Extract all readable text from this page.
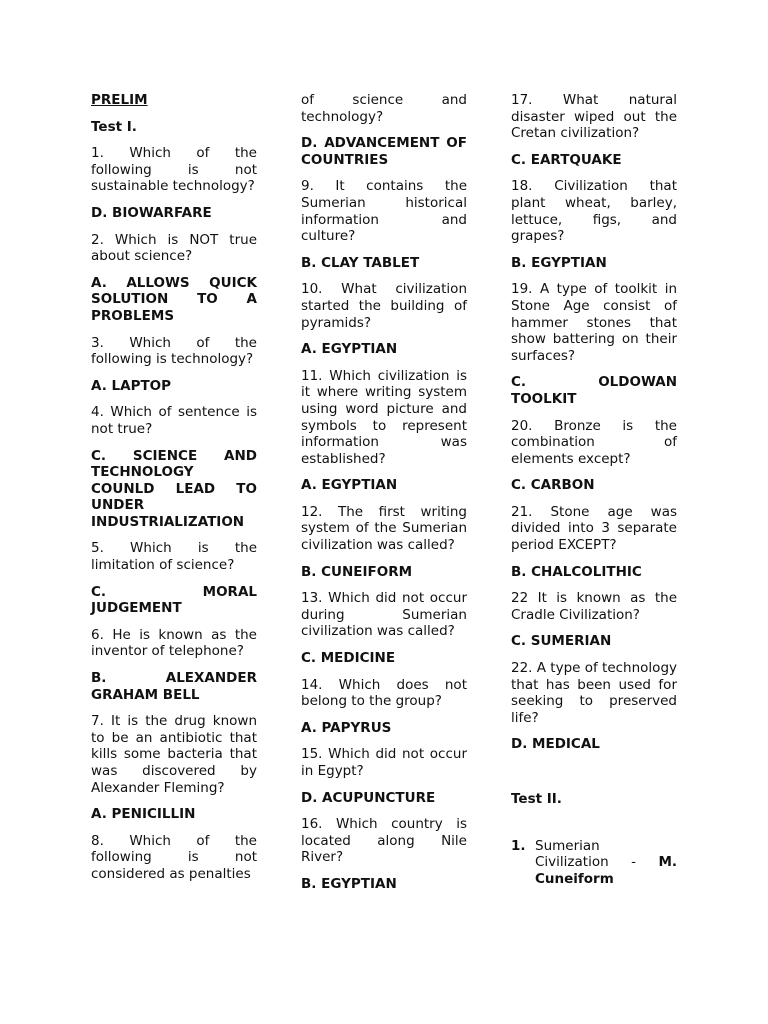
PRELIM

Test I.

1. Which of the following is not sustainable technology?

D. BIOWARFARE

2. Which is NOT true about science?

A. ALLOWS QUICK SOLUTION TO A PROBLEMS

3. Which of the following is technology?

A. LAPTOP

4. Which of sentence is not true?

C. SCIENCE AND TECHNOLOGY COUNLD LEAD TO UNDER INDUSTRIALIZATION

5. Which is the limitation of science?

C. MORAL JUDGEMENT

6. He is known as the inventor of telephone?

B. ALEXANDER GRAHAM BELL

7. It is the drug known to be an antibiotic that kills some bacteria that was discovered by Alexander Fleming?

A. PENICILLIN

8. Which of the following is not considered as penalties

of science and technology?

D. ADVANCEMENT OF COUNTRIES

9. It contains the Sumerian historical information and culture?

B. CLAY TABLET

10. What civilization started the building of pyramids?

A. EGYPTIAN

11. Which civilization is it where writing system using word picture and symbols to represent information was established?

A. EGYPTIAN

12. The first writing system of the Sumerian civilization was called?

B. CUNEIFORM

13. Which did not occur during Sumerian civilization was called?

C. MEDICINE

14. Which does not belong to the group?

A. PAPYRUS

15. Which did not occur in Egypt?

D. ACUPUNCTURE

16. Which country is located along Nile River?

B. EGYPTIAN

17. What natural disaster wiped out the Cretan civilization?

C. EARTQUAKE

18. Civilization that plant wheat, barley, lettuce, figs, and grapes?

B. EGYPTIAN

19. A type of toolkit in Stone Age consist of hammer stones that show battering on their surfaces?

C. OLDOWAN TOOLKIT

20. Bronze is the combination of elements except?

C. CARBON

21. Stone age was divided into 3 separate period EXCEPT?

B. CHALCOLITHIC

22 It is known as the Cradle Civilization?

C. SUMERIAN

22. A type of technology that has been used for seeking to preserved life?

D. MEDICAL

Test II.

1. Sumerian Civilization - M. Cuneiform
